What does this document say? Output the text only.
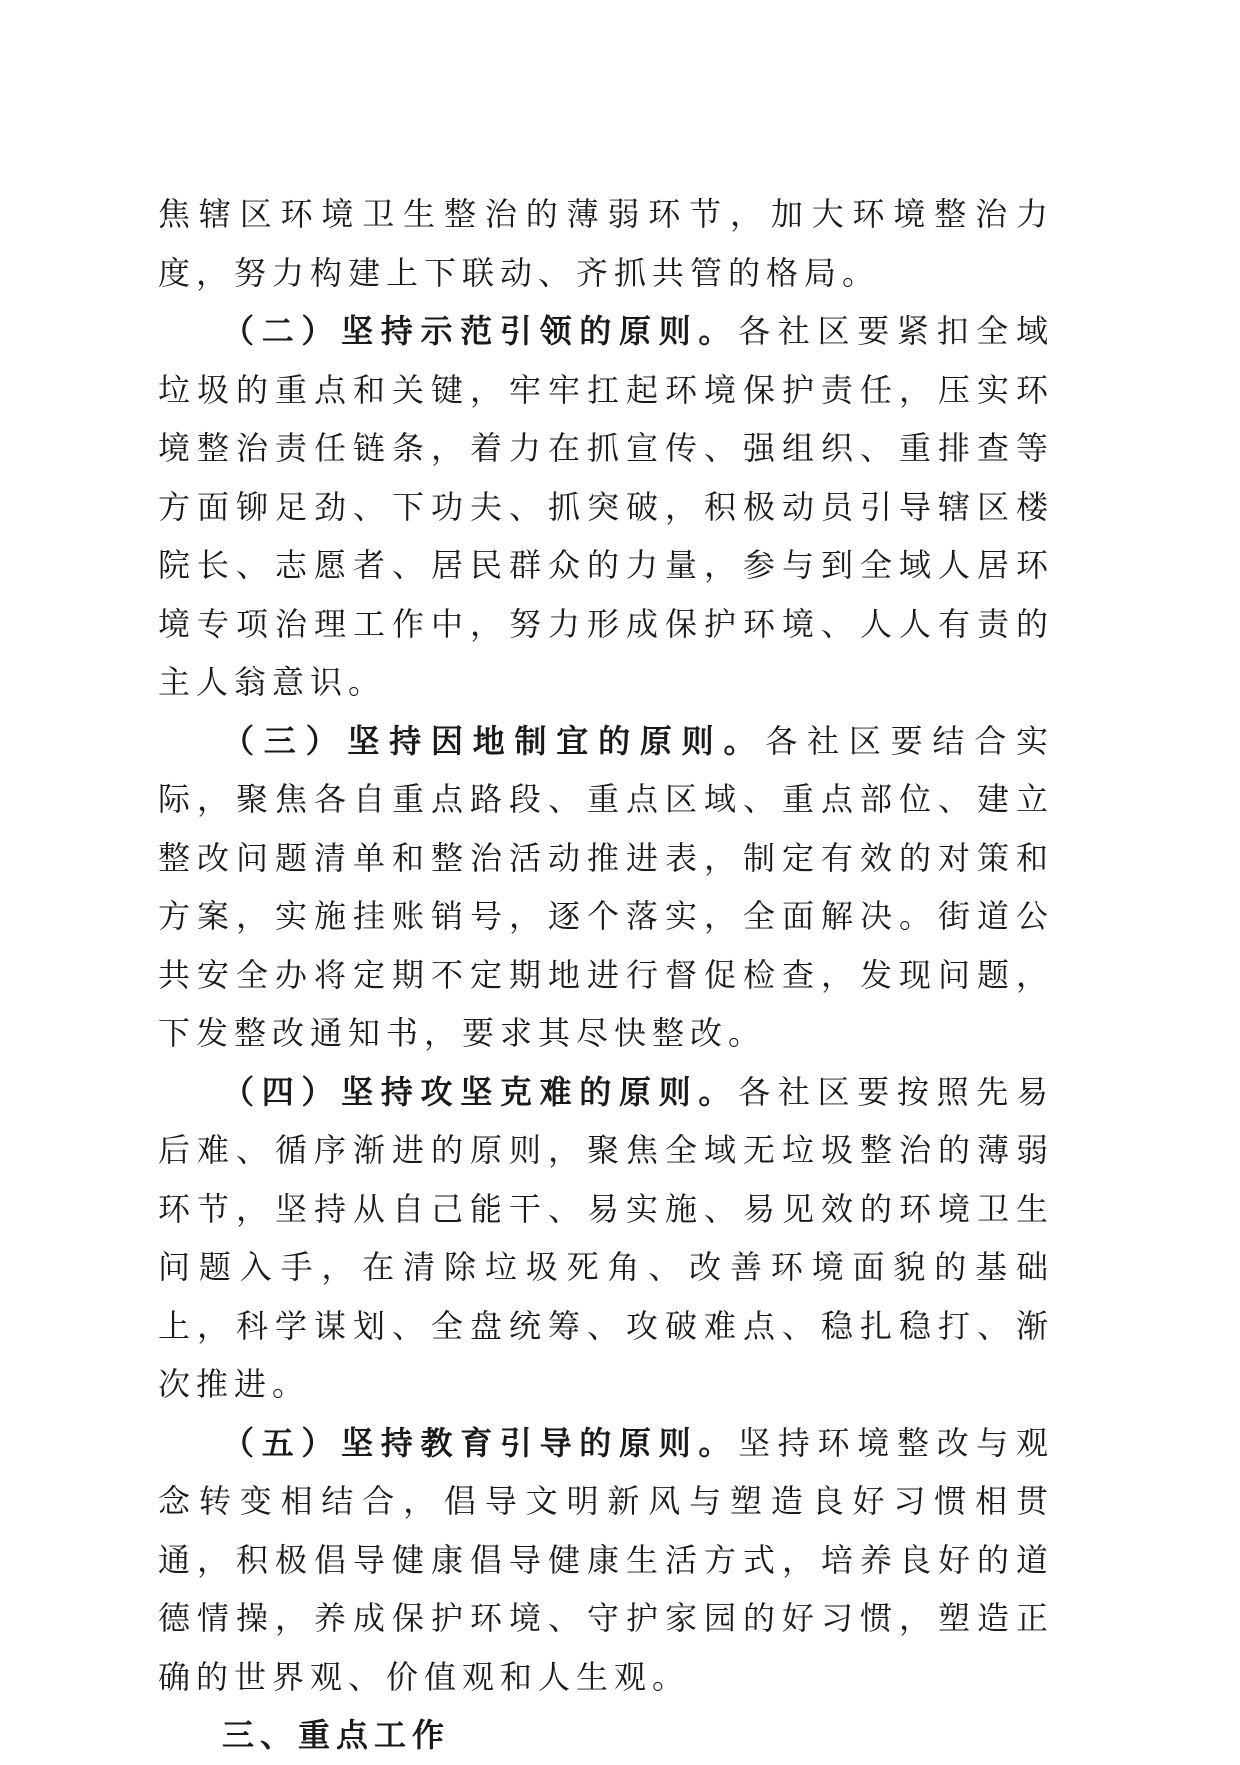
焦辖区环境卫生整治的薄弱环节，加大环境整治力度，努力构建上下联动、齐抓共管的格局。

（二）坚持示范引领的原则。各社区要紧扣全域垃圾的重点和关键，牢牢扛起环境保护责任，压实环境整治责任链条，着力在抓宣传、强组织、重排查等方面铆足劲、下功夫、抓突破，积极动员引导辖区楼院长、志愿者、居民群众的力量，参与到全域人居环境专项治理工作中，努力形成保护环境、人人有责的主人翁意识。

（三）坚持因地制宜的原则。各社区要结合实际，聚焦各自重点路段、重点区域、重点部位、建立整改问题清单和整治活动推进表，制定有效的对策和方案，实施挂账销号，逐个落实，全面解决。街道公共安全办将定期不定期地进行督促检查，发现问题，下发整改通知书，要求其尽快整改。

（四）坚持攻坚克难的原则。各社区要按照先易后难、循序渐进的原则，聚焦全域无垃圾整治的薄弱环节，坚持从自己能干、易实施、易见效的环境卫生问题入手，在清除垃圾死角、改善环境面貌的基础上，科学谋划、全盘统筹、攻破难点、稳扎稳打、渐次推进。

（五）坚持教育引导的原则。坚持环境整改与观念转变相结合，倡导文明新风与塑造良好习惯相贯通，积极倡导健康倡导健康生活方式，培养良好的道德情操，养成保护环境、守护家园的好习惯，塑造正确的世界观、价值观和人生观。

三、重点工作
